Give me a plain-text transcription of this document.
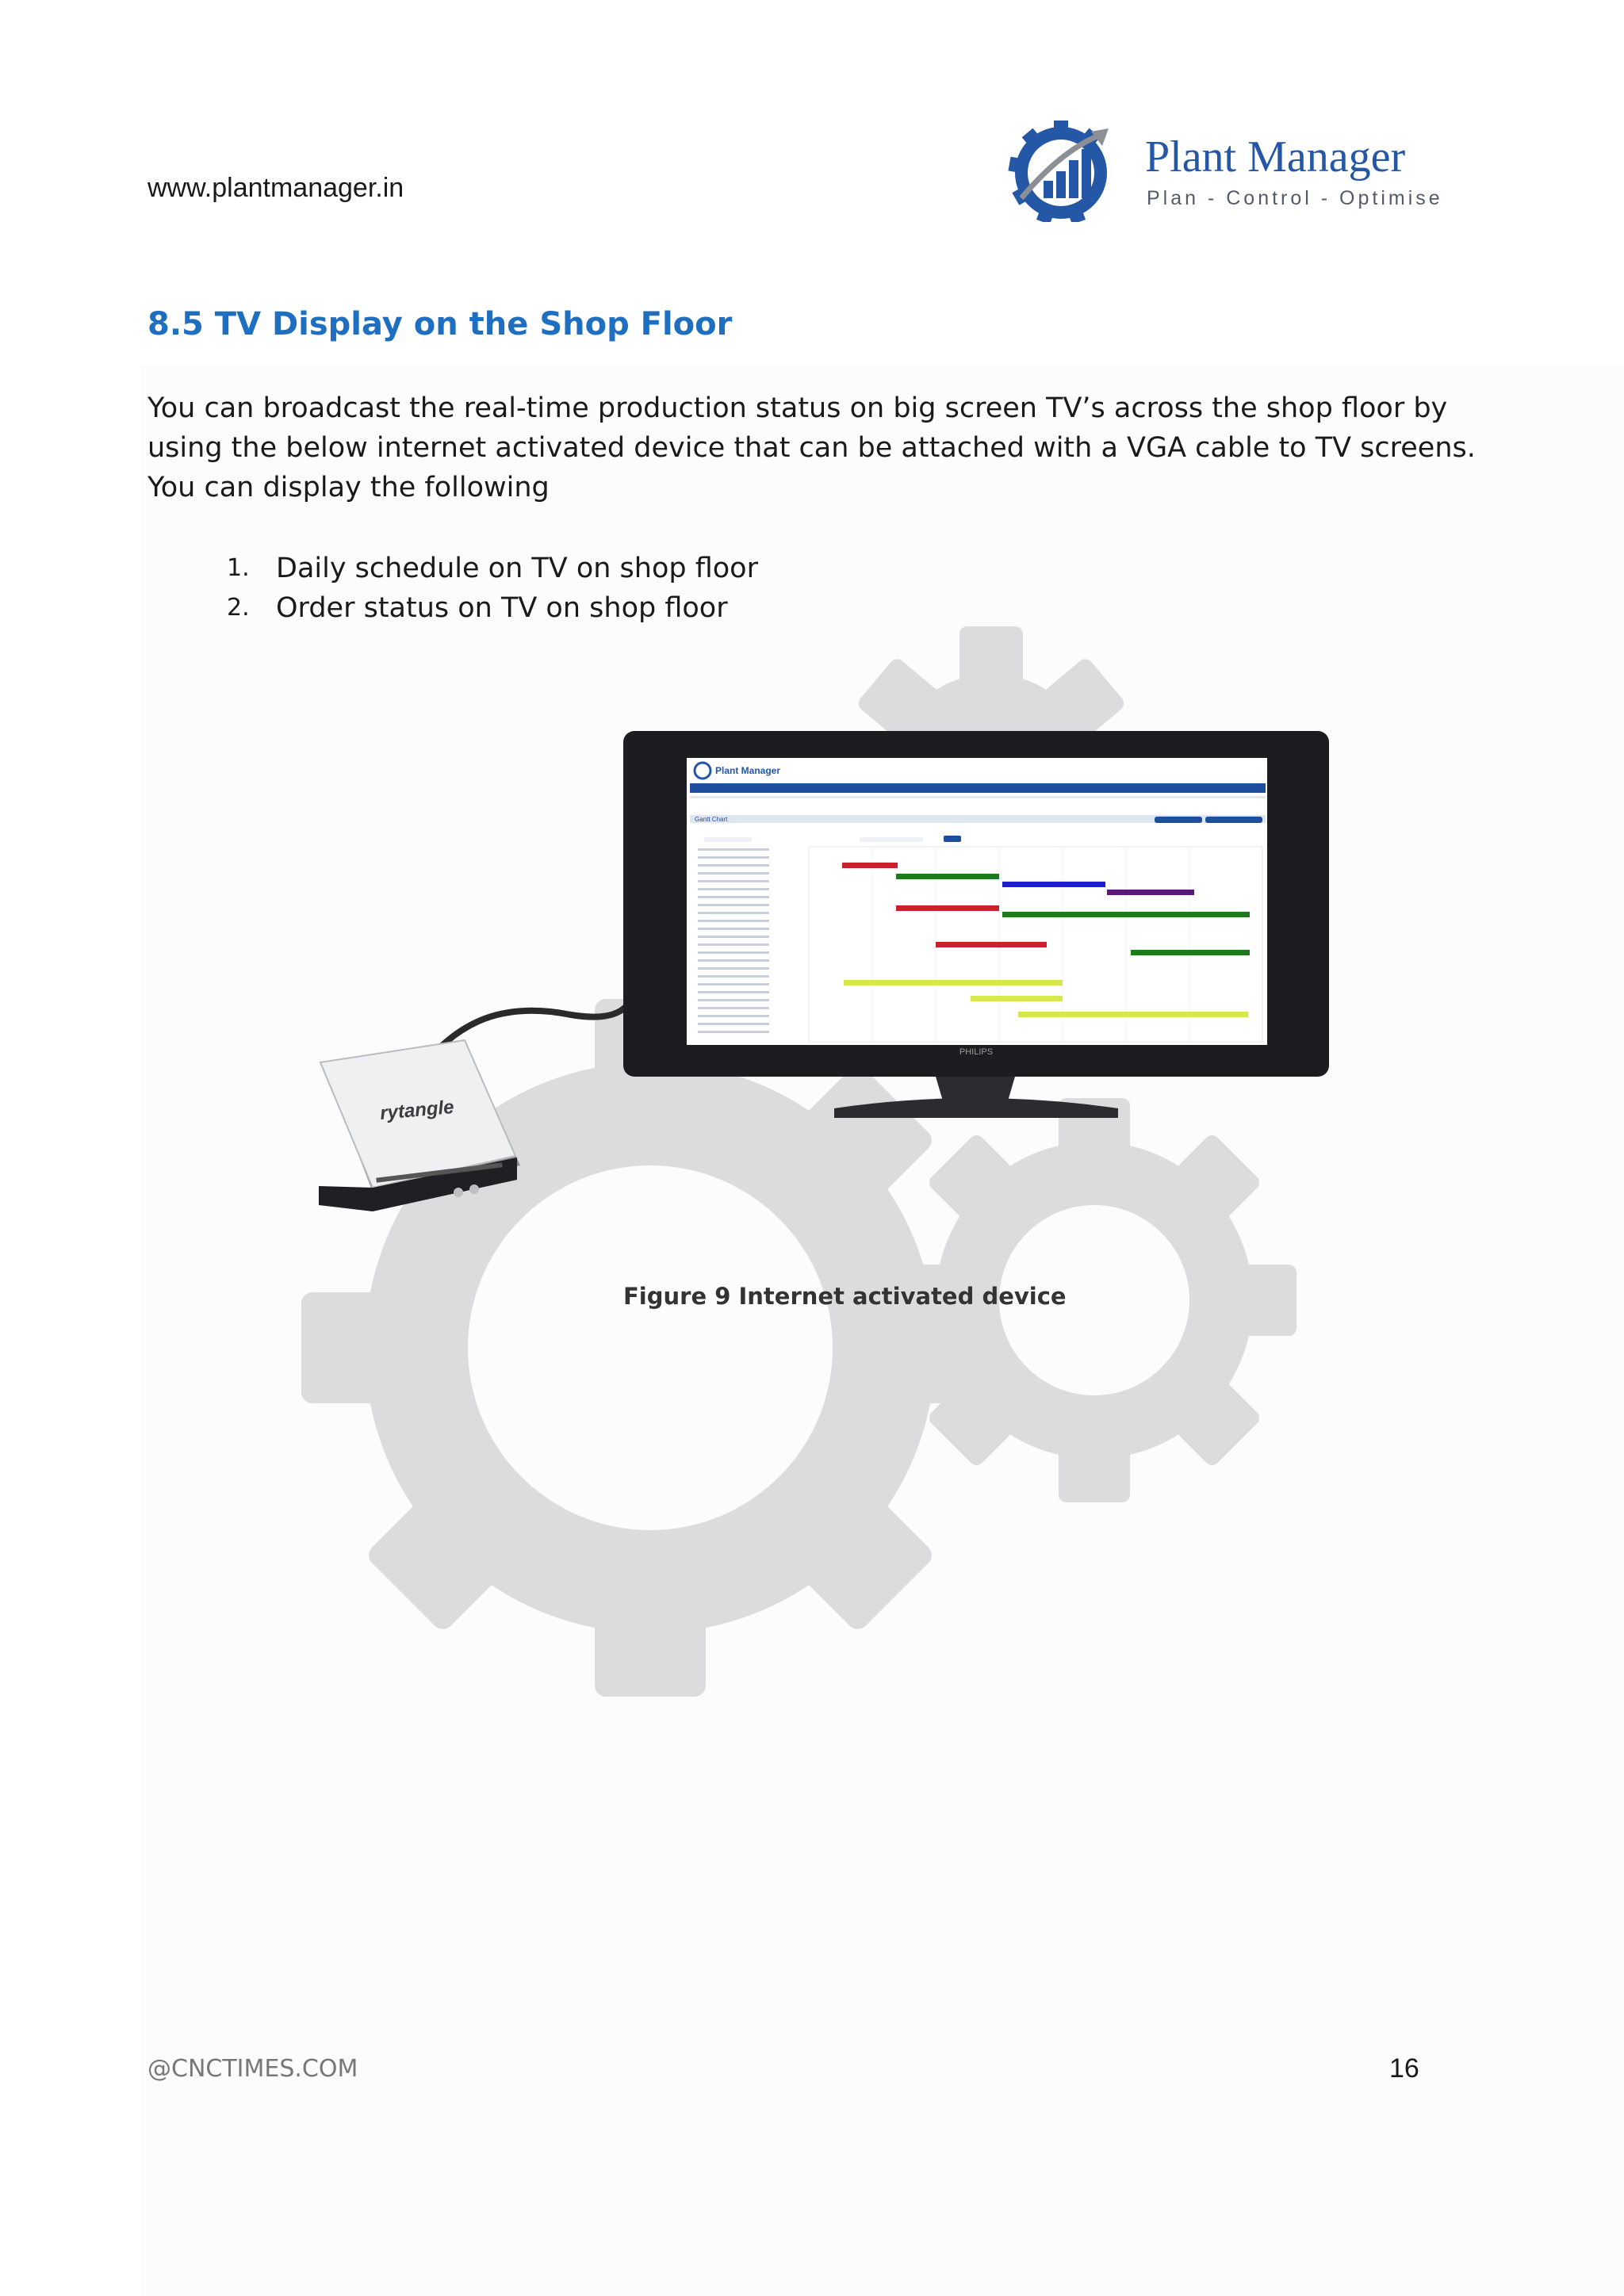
www.plantmanager.in
Plant Manager
Plan - Control - Optimise
8.5 TV Display on the Shop Floor

You can broadcast the real-time production status on big screen TV’s across the shop floor by using the below internet activated device that can be attached with a VGA cable to TV screens. You can display the following

1. Daily schedule on TV on shop floor
2. Order status on TV on shop floor
PHILIPS
Plant Manager
Gantt Chart
rytangle
Figure 9 Internet activated device
@CNCTIMES.COM	16
